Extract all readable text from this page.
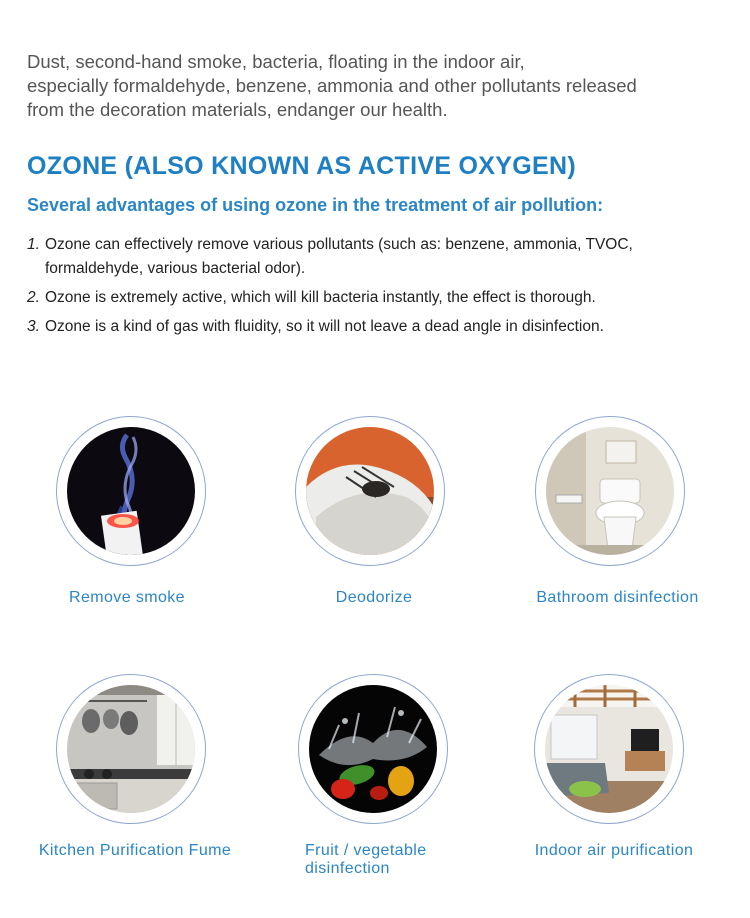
Dust, second-hand smoke, bacteria, floating in the indoor air,
especially formaldehyde, benzene, ammonia and other pollutants released
from the decoration materials, endanger our health.

OZONE (ALSO KNOWN AS ACTIVE OXYGEN)
Several advantages of using ozone in the treatment of air pollution:
1. Ozone can effectively remove various pollutants (such as: benzene, ammonia, TVOC, formaldehyde, various bacterial odor).
2. Ozone is extremely active, which will kill bacteria instantly, the effect is thorough.
3. Ozone is a kind of gas with fluidity, so it will not leave a dead angle in disinfection.
Remove smoke	Deodorize	Bathroom disinfection
Kitchen Purification Fume	Fruit / vegetable disinfection
Indoor air purification
